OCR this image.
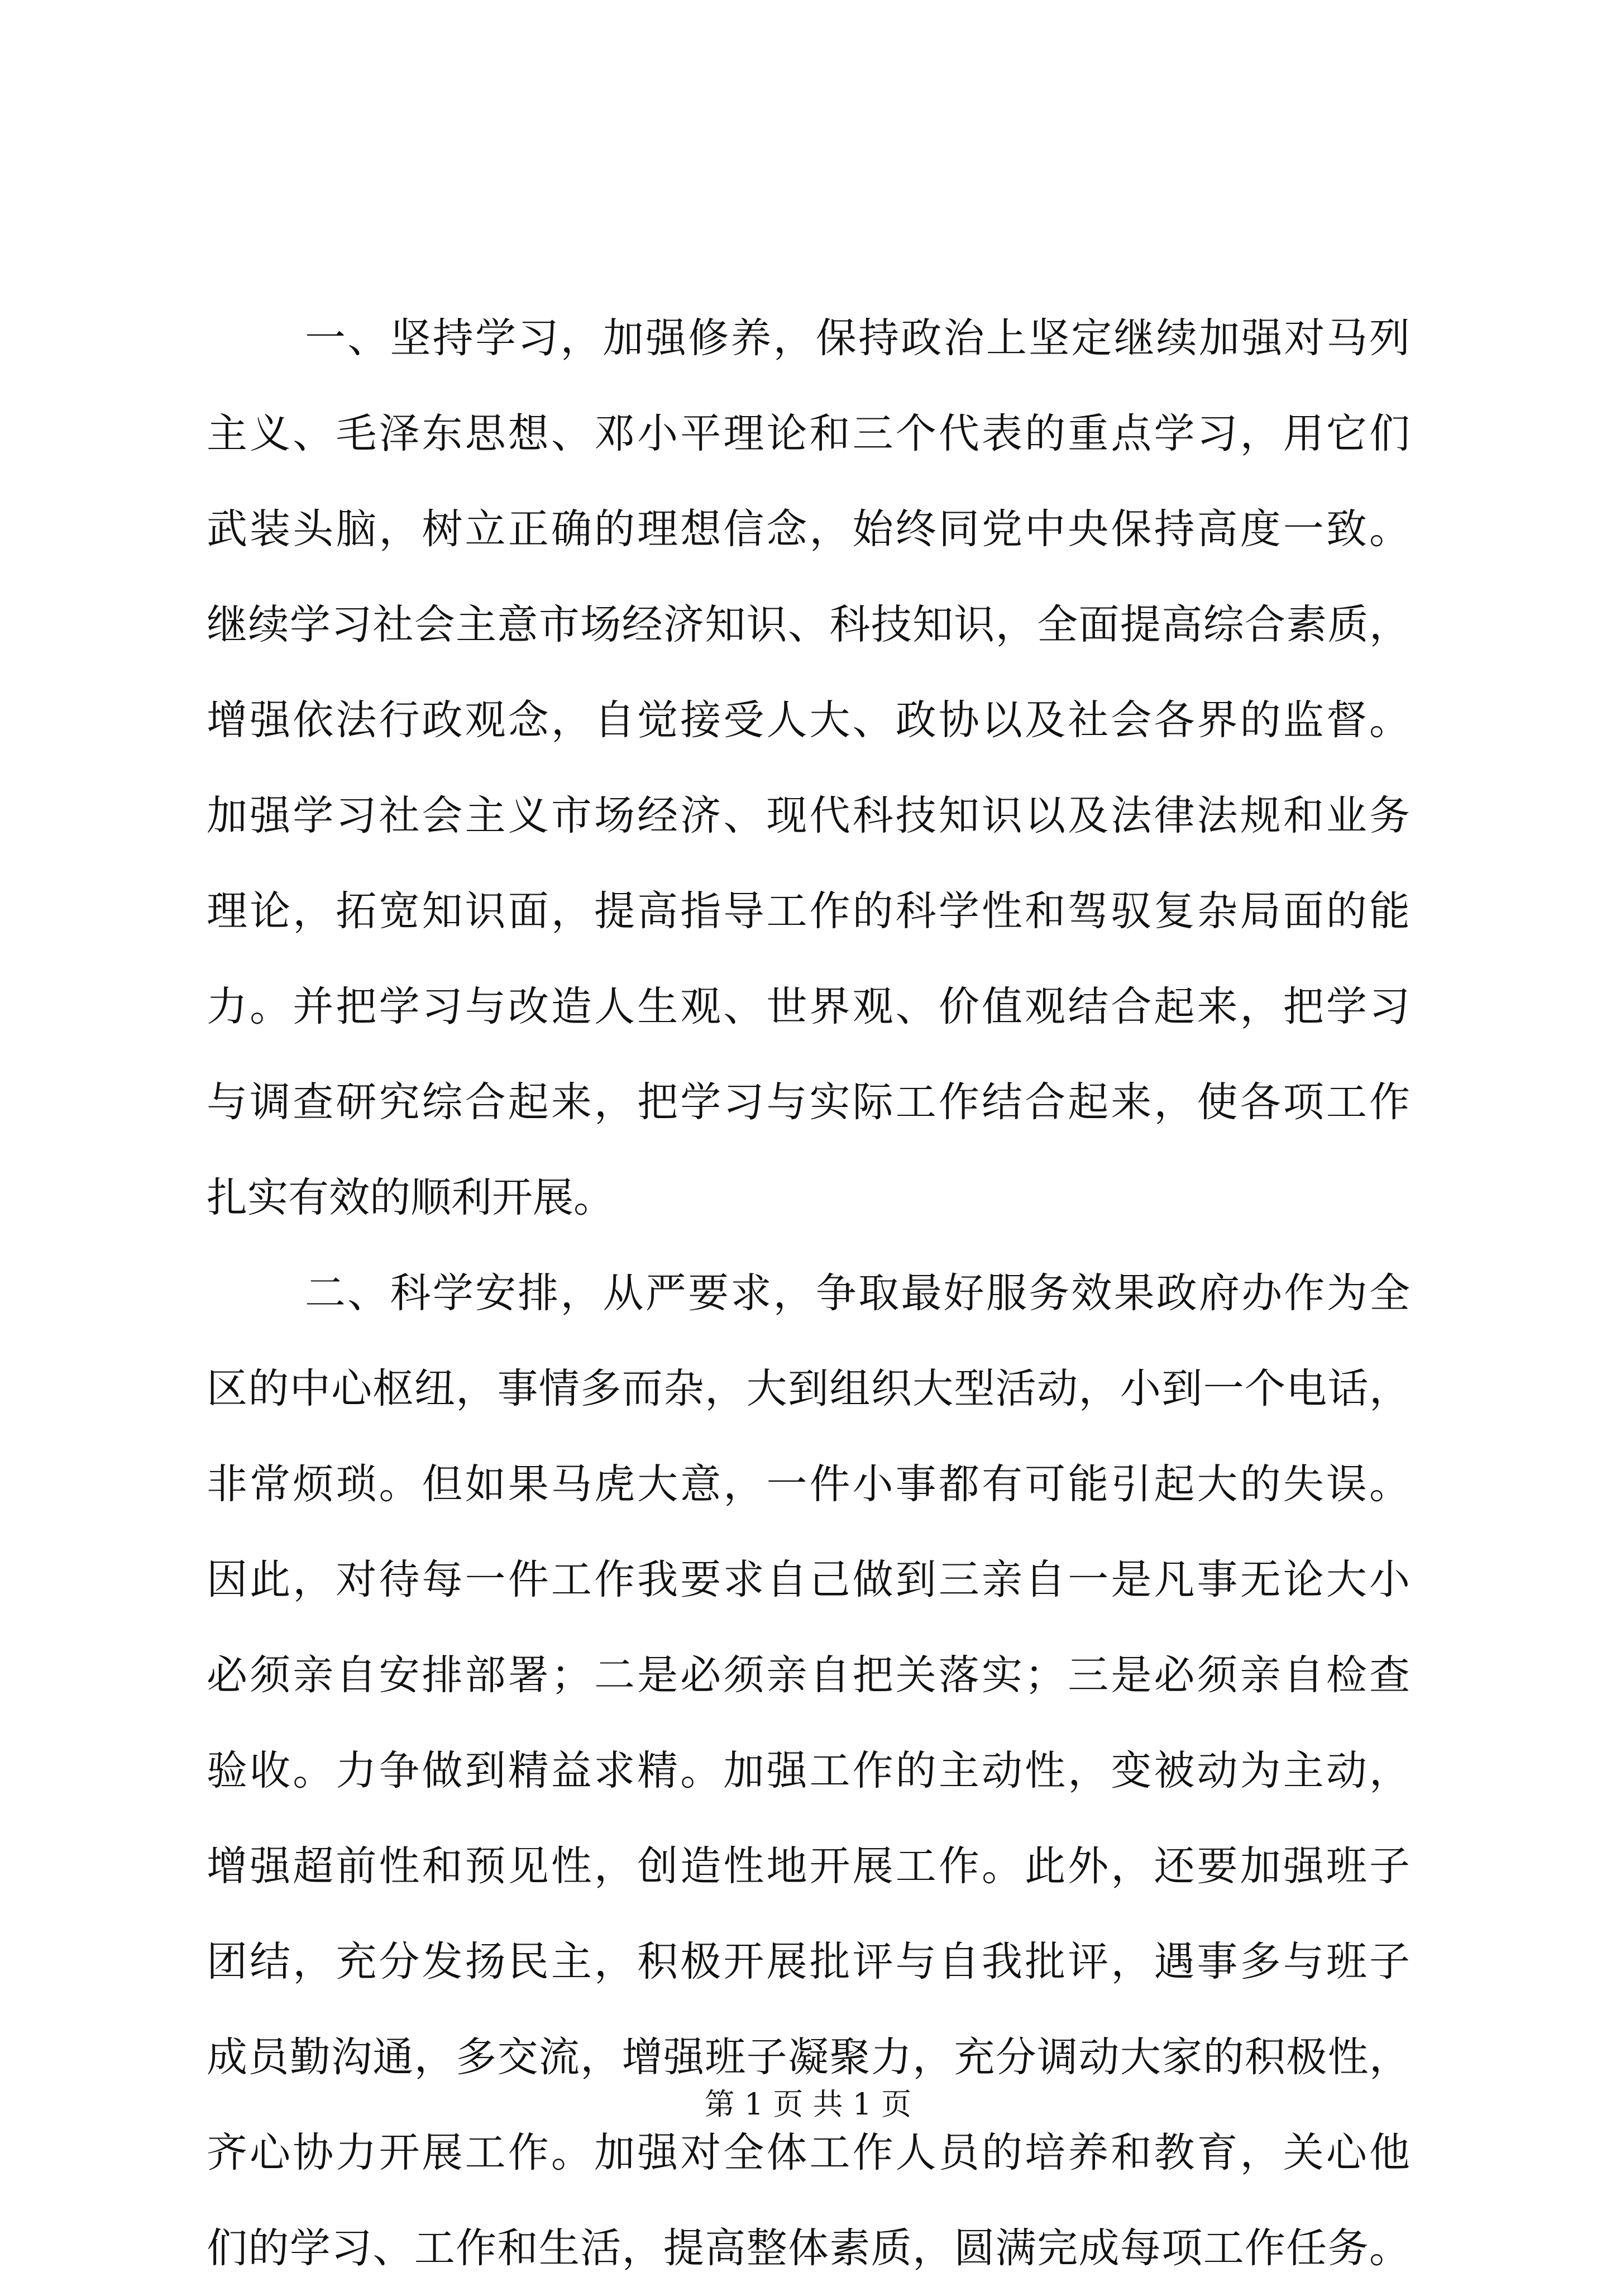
一、坚持学习，加强修养，保持政治上坚定继续加强对马列
主义、毛泽东思想、邓小平理论和三个代表的重点学习，用它们
武装头脑，树立正确的理想信念，始终同党中央保持高度一致。
继续学习社会主意市场经济知识、科技知识，全面提高综合素质，
增强依法行政观念，自觉接受人大、政协以及社会各界的监督。
加强学习社会主义市场经济、现代科技知识以及法律法规和业务
理论，拓宽知识面，提高指导工作的科学性和驾驭复杂局面的能
力。并把学习与改造人生观、世界观、价值观结合起来，把学习
与调查研究综合起来，把学习与实际工作结合起来，使各项工作
扎实有效的顺利开展。
二、科学安排，从严要求，争取最好服务效果政府办作为全
区的中心枢纽，事情多而杂，大到组织大型活动，小到一个电话，
非常烦琐。但如果马虎大意，一件小事都有可能引起大的失误。
因此，对待每一件工作我要求自己做到三亲自一是凡事无论大小
必须亲自安排部署；二是必须亲自把关落实；三是必须亲自检查
验收。力争做到精益求精。加强工作的主动性，变被动为主动，
增强超前性和预见性，创造性地开展工作。此外，还要加强班子
团结，充分发扬民主，积极开展批评与自我批评，遇事多与班子
成员勤沟通，多交流，增强班子凝聚力，充分调动大家的积极性，
齐心协力开展工作。加强对全体工作人员的培养和教育，关心他
们的学习、工作和生活，提高整体素质，圆满完成每项工作任务。
第 1 页 共 1 页
